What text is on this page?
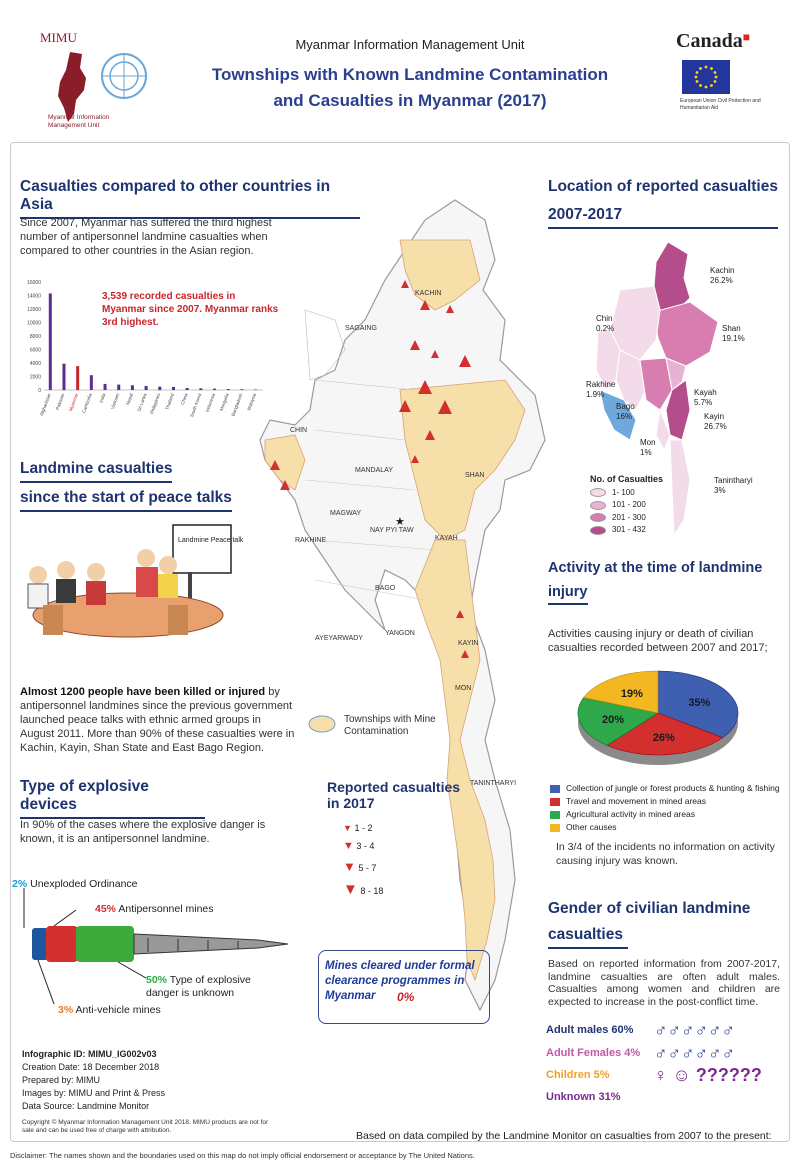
MIMU
Myanmar Information Management Unit
Myanmar Information Management Unit
Townships with Known Landmine Contamination
and Casualties in Myanmar (2017)
Canada■
European Union Civil Protection and Humanitarian Aid
KACHIN
SAGAING
CHIN
MANDALAY
SHAN
MAGWAY
NAY PYI TAW
RAKHINE	KAYAH
BAGO
AYEYARWADY
YANGON
MON
KAYIN
TANINTHARYI
★
Casualties compared to other countries in Asia
Since 2007, Myanmar has suffered the third highest number of antipersonnel landmine casualties when compared to other countries in the Asian region.
0
2000
4000
6000
8000
10000
12000
14000
16000
Afghanistan Pakistan Myanmar Cambodia India Vietnam Nepal Sri Lanka Philippines Thailand China South Korea Indonesia Mongolia Bangladesh Malaysia
3,539 recorded casualties in Myanmar since 2007. Myanmar ranks 3rd highest.
Landmine casualties
since the start of peace talks
Landmine Peace talk
Almost 1200 people have been killed or injured by antipersonnel landmines since the previous government launched peace talks with ethnic armed groups in August 2011. More than 90% of these casualties were in Kachin, Kayin, Shan State and East Bago Region.
Type of explosive devices
In 90% of the cases where the explosive danger is known, it is an antipersonnel landmine.
2% Unexploded Ordinance
45% Antipersonnel mines
50% Type of explosive danger is unknown
3% Anti-vehicle mines
Infographic ID: MIMU_IG002v03
Creation Date: 18 December 2018
Prepared by: MIMU
Images by: MIMU and Print & Press
Data Source: Landmine Monitor
Copyright © Myanmar Information Management Unit 2018. MIMU products are not for sale and can be used free of charge with attribution.
Townships with Mine Contamination
Reported casualties
in 2017
▼ 1 - 2
▼ 3 - 4
▼ 5 - 7
▼ 8 - 18
Mines cleared under formal clearance programmes in Myanmar	0%
Location of reported casualties
2007-2017
Kachin
26.2%
Chin
0.2%	Shan
19.1%
Rakhine
1.9%	Kayah
5.7%
Bago
16%	Kayin
26.7%
Mon
1%
Tanintharyi
3%
No. of Casualties
1- 100
101 - 200
201 - 300
301 - 432
Activity at the time of landmine
injury
Activities causing injury or death of civilian casualties recorded between 2007 and 2017;
35%
26%
20%
19%
Collection of jungle or forest products & hunting & fishing
Travel and movement in mined areas
Agricultural activity in mined areas
Other causes
In 3/4 of the incidents no information on activity causing injury was known.
Gender of civilian landmine
casualties
Based on reported information from 2007-2017, landmine casualties are often adult males. Casualties among women and children are expected to increase in the post-conflict time.
Adult males 60%	♂♂♂♂♂♂
Adult Females 4% ♂♂♂♂♂♂
Children 5%	♀ ☺ ??????
Unknown 31%
Based on data compiled by the Landmine Monitor on casualties from 2007 to the present:
Disclaimer: The names shown and the boundaries used on this map do not imply official endorsement or acceptance by The United Nations.
